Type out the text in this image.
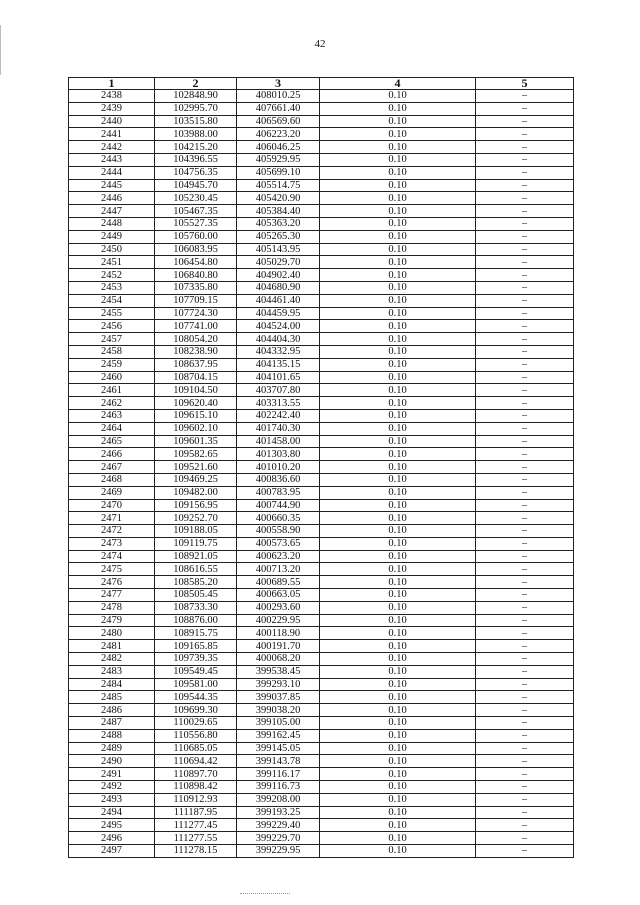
42
1	2	3	4	5
2438	102848.90	408010.25	0.10	–
2439	102995.70	407661.40	0.10	–
2440	103515.80	406569.60	0.10	–
2441	103988.00	406223.20	0.10	–
2442	104215.20	406046.25	0.10	–
2443	104396.55	405929.95	0.10	–
2444	104756.35	405699.10	0.10	–
2445	104945.70	405514.75	0.10	–
2446	105230.45	405420.90	0.10	–
2447	105467.35	405384.40	0.10	–
2448	105527.35	405363.20	0.10	–
2449	105760.00	405265.30	0.10	–
2450	106083.95	405143.95	0.10	–
2451	106454.80	405029.70	0.10	–
2452	106840.80	404902.40	0.10	–
2453	107335.80	404680.90	0.10	–
2454	107709.15	404461.40	0.10	–
2455	107724.30	404459.95	0.10	–
2456	107741.00	404524.00	0.10	–
2457	108054.20	404404.30	0.10	–
2458	108238.90	404332.95	0.10	–
2459	108637.95	404135.15	0.10	–
2460	108704.15	404101.65	0.10	–
2461	109104.50	403707.80	0.10	–
2462	109620.40	403313.55	0.10	–
2463	109615.10	402242.40	0.10	–
2464	109602.10	401740.30	0.10	–
2465	109601.35	401458.00	0.10	–
2466	109582.65	401303.80	0.10	–
2467	109521.60	401010.20	0.10	–
2468	109469.25	400836.60	0.10	–
2469	109482.00	400783.95	0.10	–
2470	109156.95	400744.90	0.10	–
2471	109252.70	400660.35	0.10	–
2472	109188.05	400558.90	0.10	–
2473	109119.75	400573.65	0.10	–
2474	108921.05	400623.20	0.10	–
2475	108616.55	400713.20	0.10	–
2476	108585.20	400689.55	0.10	–
2477	108505.45	400663.05	0.10	–
2478	108733.30	400293.60	0.10	–
2479	108876.00	400229.95	0.10	–
2480	108915.75	400118.90	0.10	–
2481	109165.85	400191.70	0.10	–
2482	109739.35	400068.20	0.10	–
2483	109549.45	399538.45	0.10	–
2484	109581.00	399293.10	0.10	–
2485	109544.35	399037.85	0.10	–
2486	109699.30	399038.20	0.10	–
2487	110029.65	399105.00	0.10	–
2488	110556.80	399162.45	0.10	–
2489	110685.05	399145.05	0.10	–
2490	110694.42	399143.78	0.10	–
2491	110897.70	399116.17	0.10	–
2492	110898.42	399116.73	0.10	–
2493	110912.93	399208.00	0.10	–
2494	111187.95	399193.25	0.10	–
2495	111277.45	399229.40	0.10	–
2496	111277.55	399229.70	0.10	–
2497	111278.15	399229.95	0.10	–
